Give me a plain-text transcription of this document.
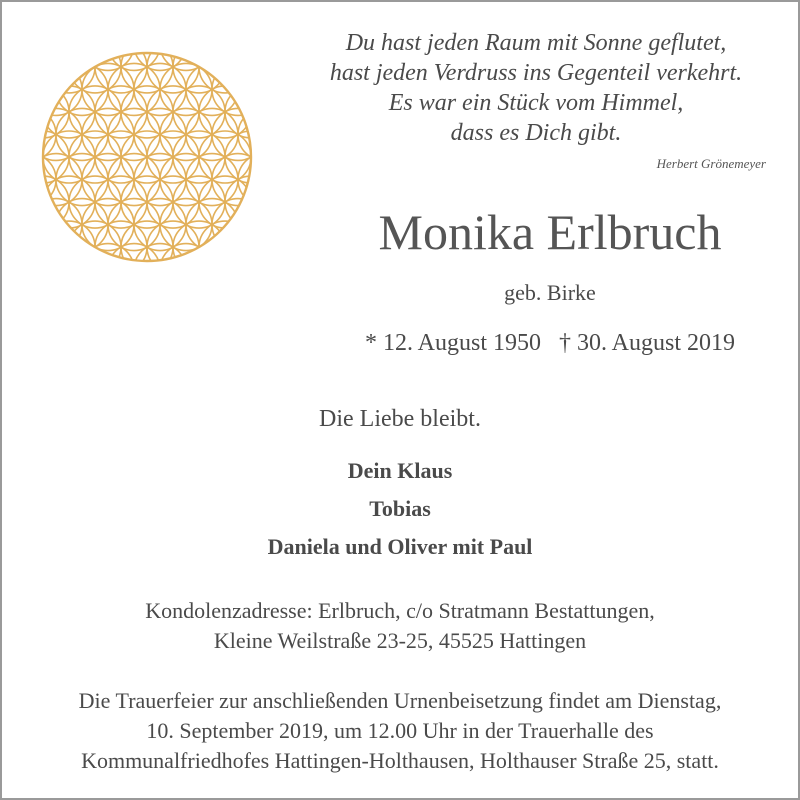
Du hast jeden Raum mit Sonne geflutet,
hast jeden Verdruss ins Gegenteil verkehrt.
Es war ein Stück vom Himmel,
dass es Dich gibt.
Herbert Grönemeyer
Monika Erlbruch
geb. Birke
* 12. August 1950 † 30. August 2019
Die Liebe bleibt.
Dein Klaus
Tobias
Daniela und Oliver mit Paul
Kondolenzadresse: Erlbruch, c/o Stratmann Bestattungen,
Kleine Weilstraße 23-25, 45525 Hattingen
Die Trauerfeier zur anschließenden Urnenbeisetzung findet am Dienstag,
10. September 2019, um 12.00 Uhr in der Trauerhalle des
Kommunalfriedhofes Hattingen-Holthausen, Holthauser Straße 25, statt.
